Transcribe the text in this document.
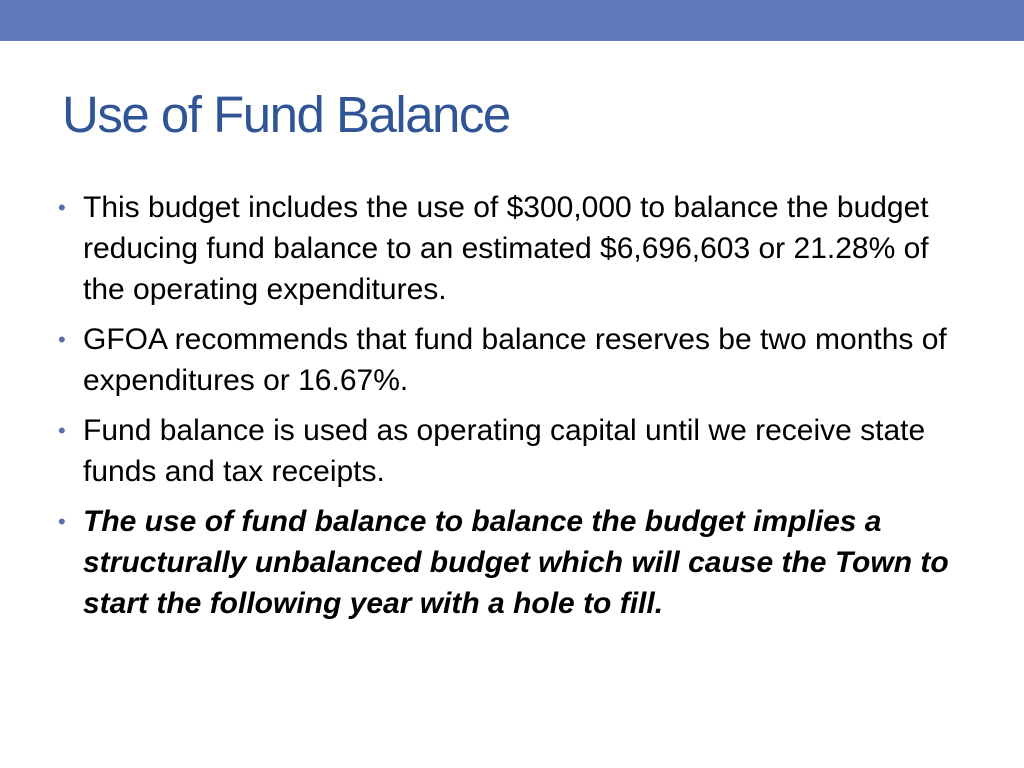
Use of Fund Balance
• This budget includes the use of $300,000 to balance the budget reducing fund balance to an estimated $6,696,603 or 21.28% of the operating expenditures.
• GFOA recommends that fund balance reserves be two months of expenditures or 16.67%.
• Fund balance is used as operating capital until we receive state funds and tax receipts.
• The use of fund balance to balance the budget implies a structurally unbalanced budget which will cause the Town to start the following year with a hole to fill.
